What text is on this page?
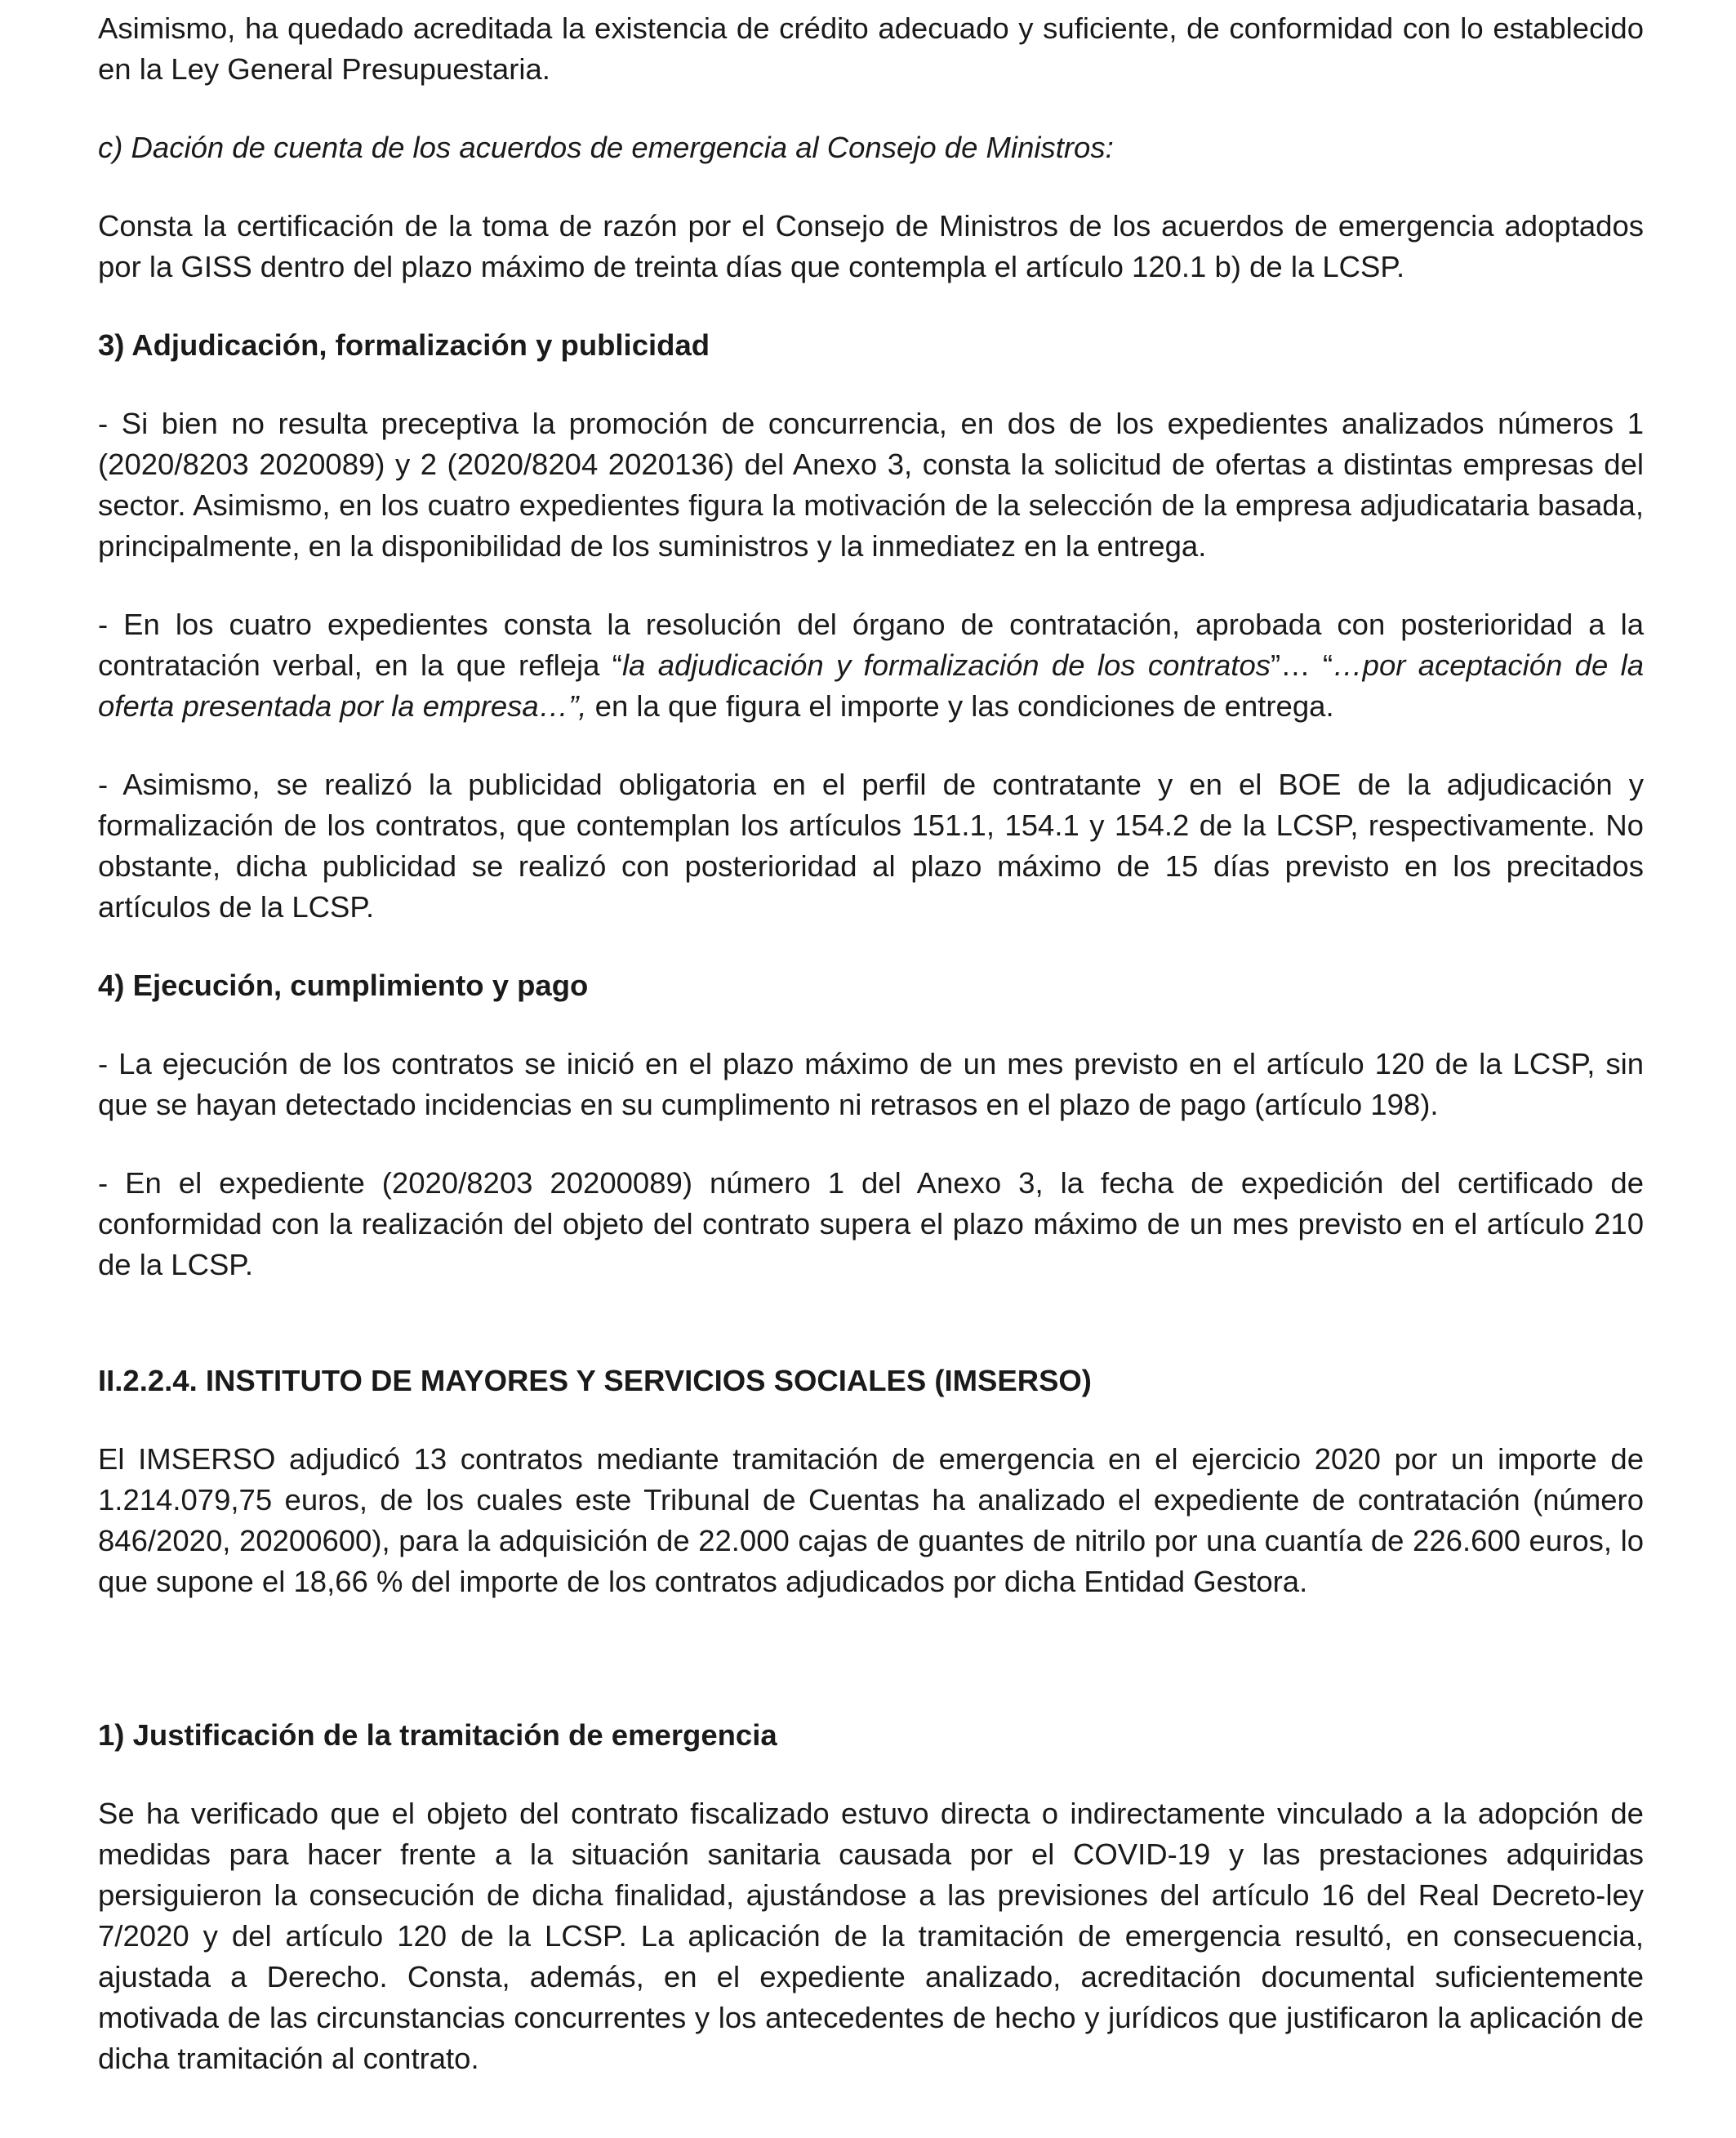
Asimismo, ha quedado acreditada la existencia de crédito adecuado y suficiente, de conformidad con lo establecido en la Ley General Presupuestaria.

c) Dación de cuenta de los acuerdos de emergencia al Consejo de Ministros:

Consta la certificación de la toma de razón por el Consejo de Ministros de los acuerdos de emergencia adoptados por la GISS dentro del plazo máximo de treinta días que contempla el artículo 120.1 b) de la LCSP.

3) Adjudicación, formalización y publicidad

- Si bien no resulta preceptiva la promoción de concurrencia, en dos de los expedientes analizados números 1 (2020/8203 2020089) y 2 (2020/8204 2020136) del Anexo 3, consta la solicitud de ofertas a distintas empresas del sector. Asimismo, en los cuatro expedientes figura la motivación de la selección de la empresa adjudicataria basada, principalmente, en la disponibilidad de los suministros y la inmediatez en la entrega.

- En los cuatro expedientes consta la resolución del órgano de contratación, aprobada con posterioridad a la contratación verbal, en la que refleja “la adjudicación y formalización de los contratos”… “…por aceptación de la oferta presentada por la empresa…”, en la que figura el importe y las condiciones de entrega.

- Asimismo, se realizó la publicidad obligatoria en el perfil de contratante y en el BOE de la adjudicación y formalización de los contratos, que contemplan los artículos 151.1, 154.1 y 154.2 de la LCSP, respectivamente. No obstante, dicha publicidad se realizó con posterioridad al plazo máximo de 15 días previsto en los precitados artículos de la LCSP.

4) Ejecución, cumplimiento y pago

- La ejecución de los contratos se inició en el plazo máximo de un mes previsto en el artículo 120 de la LCSP, sin que se hayan detectado incidencias en su cumplimento ni retrasos en el plazo de pago (artículo 198).

- En el expediente (2020/8203 20200089) número 1 del Anexo 3, la fecha de expedición del certificado de conformidad con la realización del objeto del contrato supera el plazo máximo de un mes previsto en el artículo 210 de la LCSP.

II.2.2.4. INSTITUTO DE MAYORES Y SERVICIOS SOCIALES (IMSERSO)

El IMSERSO adjudicó 13 contratos mediante tramitación de emergencia en el ejercicio 2020 por un importe de 1.214.079,75 euros, de los cuales este Tribunal de Cuentas ha analizado el expediente de contratación (número 846/2020, 20200600), para la adquisición de 22.000 cajas de guantes de nitrilo por una cuantía de 226.600 euros, lo que supone el 18,66 % del importe de los contratos adjudicados por dicha Entidad Gestora.

1) Justificación de la tramitación de emergencia

Se ha verificado que el objeto del contrato fiscalizado estuvo directa o indirectamente vinculado a la adopción de medidas para hacer frente a la situación sanitaria causada por el COVID-19 y las prestaciones adquiridas persiguieron la consecución de dicha finalidad, ajustándose a las previsiones del artículo 16 del Real Decreto-ley 7/2020 y del artículo 120 de la LCSP. La aplicación de la tramitación de emergencia resultó, en consecuencia, ajustada a Derecho. Consta, además, en el expediente analizado, acreditación documental suficientemente motivada de las circunstancias concurrentes y los antecedentes de hecho y jurídicos que justificaron la aplicación de dicha tramitación al contrato.
